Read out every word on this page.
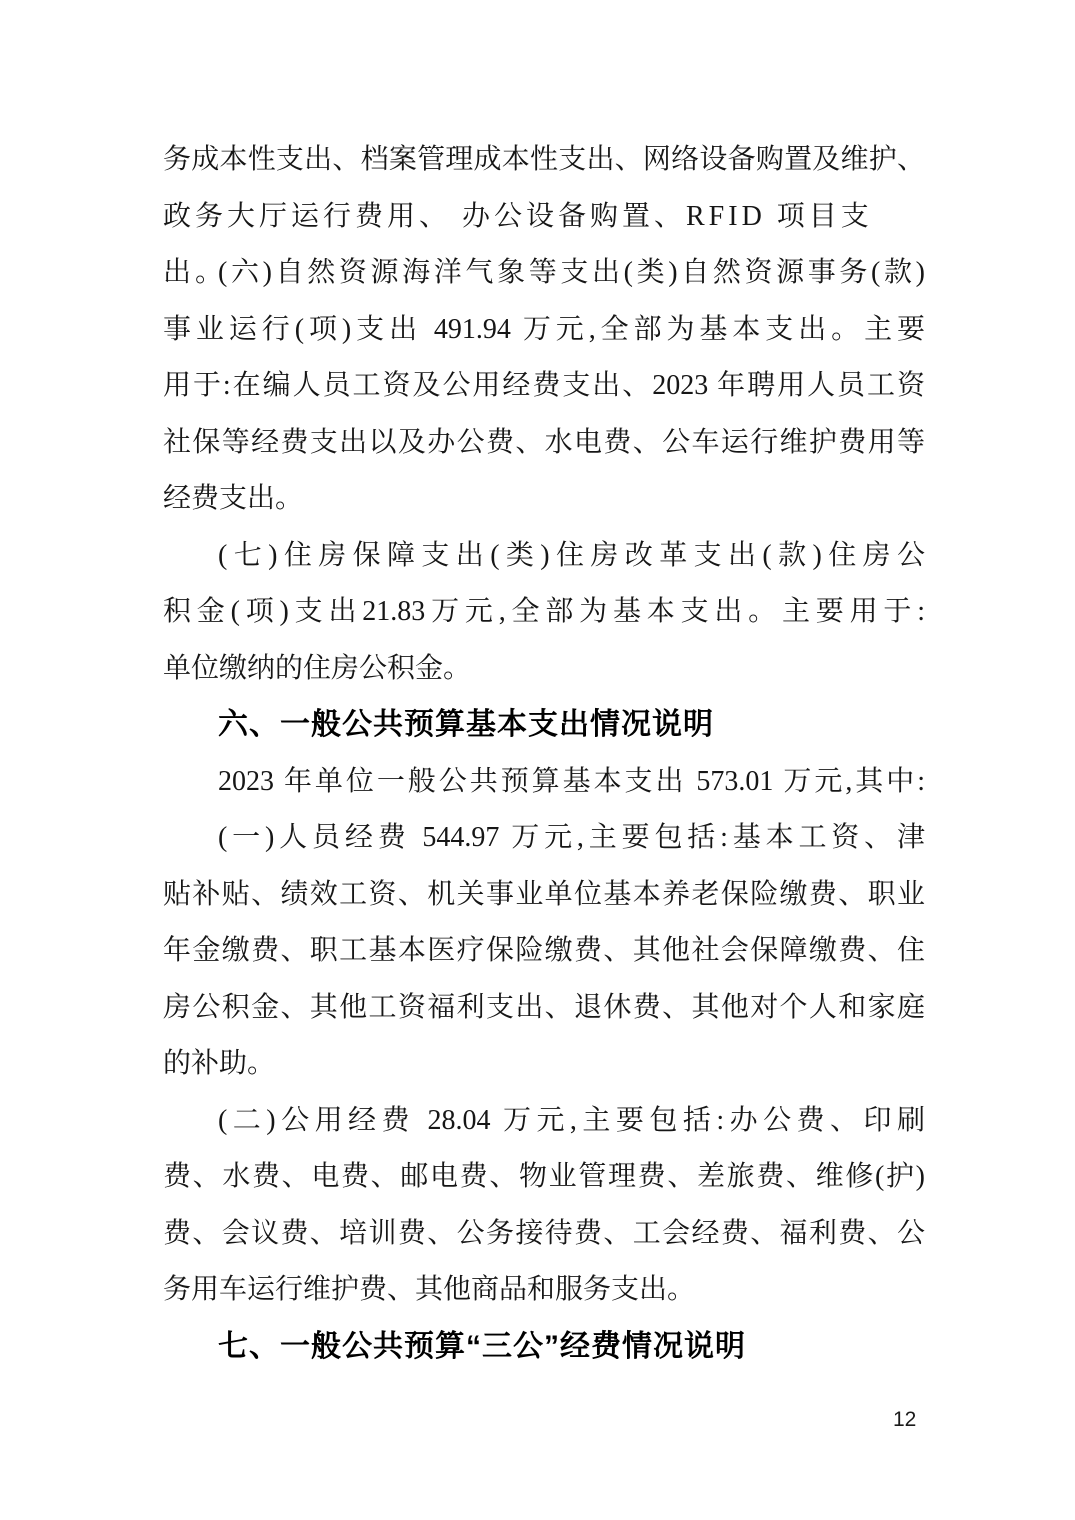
务成本性支出、档案管理成本性支出、网络设备购置及维护、
政务大厅运行费用、 办公设备购置、RFID 项目支出。
(六)自然资源海洋气象等支出(类)自然资源事务(款)
事业运行(项)支出 491.94 万元,全部为基本支出。主要
用于:在编人员工资及公用经费支出、2023 年聘用人员工资
社保等经费支出以及办公费、水电费、公车运行维护费用等
经费支出。
(七)住房保障支出(类)住房改革支出(款)住房公
积金(项)支出21.83万元,全部为基本支出。主要用于:
单位缴纳的住房公积金。
六、一般公共预算基本支出情况说明
2023 年单位一般公共预算基本支出 573.01 万元,其中:
(一)人员经费 544.97 万元,主要包括:基本工资、津
贴补贴、绩效工资、机关事业单位基本养老保险缴费、职业
年金缴费、职工基本医疗保险缴费、其他社会保障缴费、住
房公积金、其他工资福利支出、退休费、其他对个人和家庭
的补助。
(二)公用经费 28.04 万元,主要包括:办公费、印刷
费、水费、电费、邮电费、物业管理费、差旅费、维修(护)
费、会议费、培训费、公务接待费、工会经费、福利费、公
务用车运行维护费、其他商品和服务支出。
七、一般公共预算“三公”经费情况说明
12
